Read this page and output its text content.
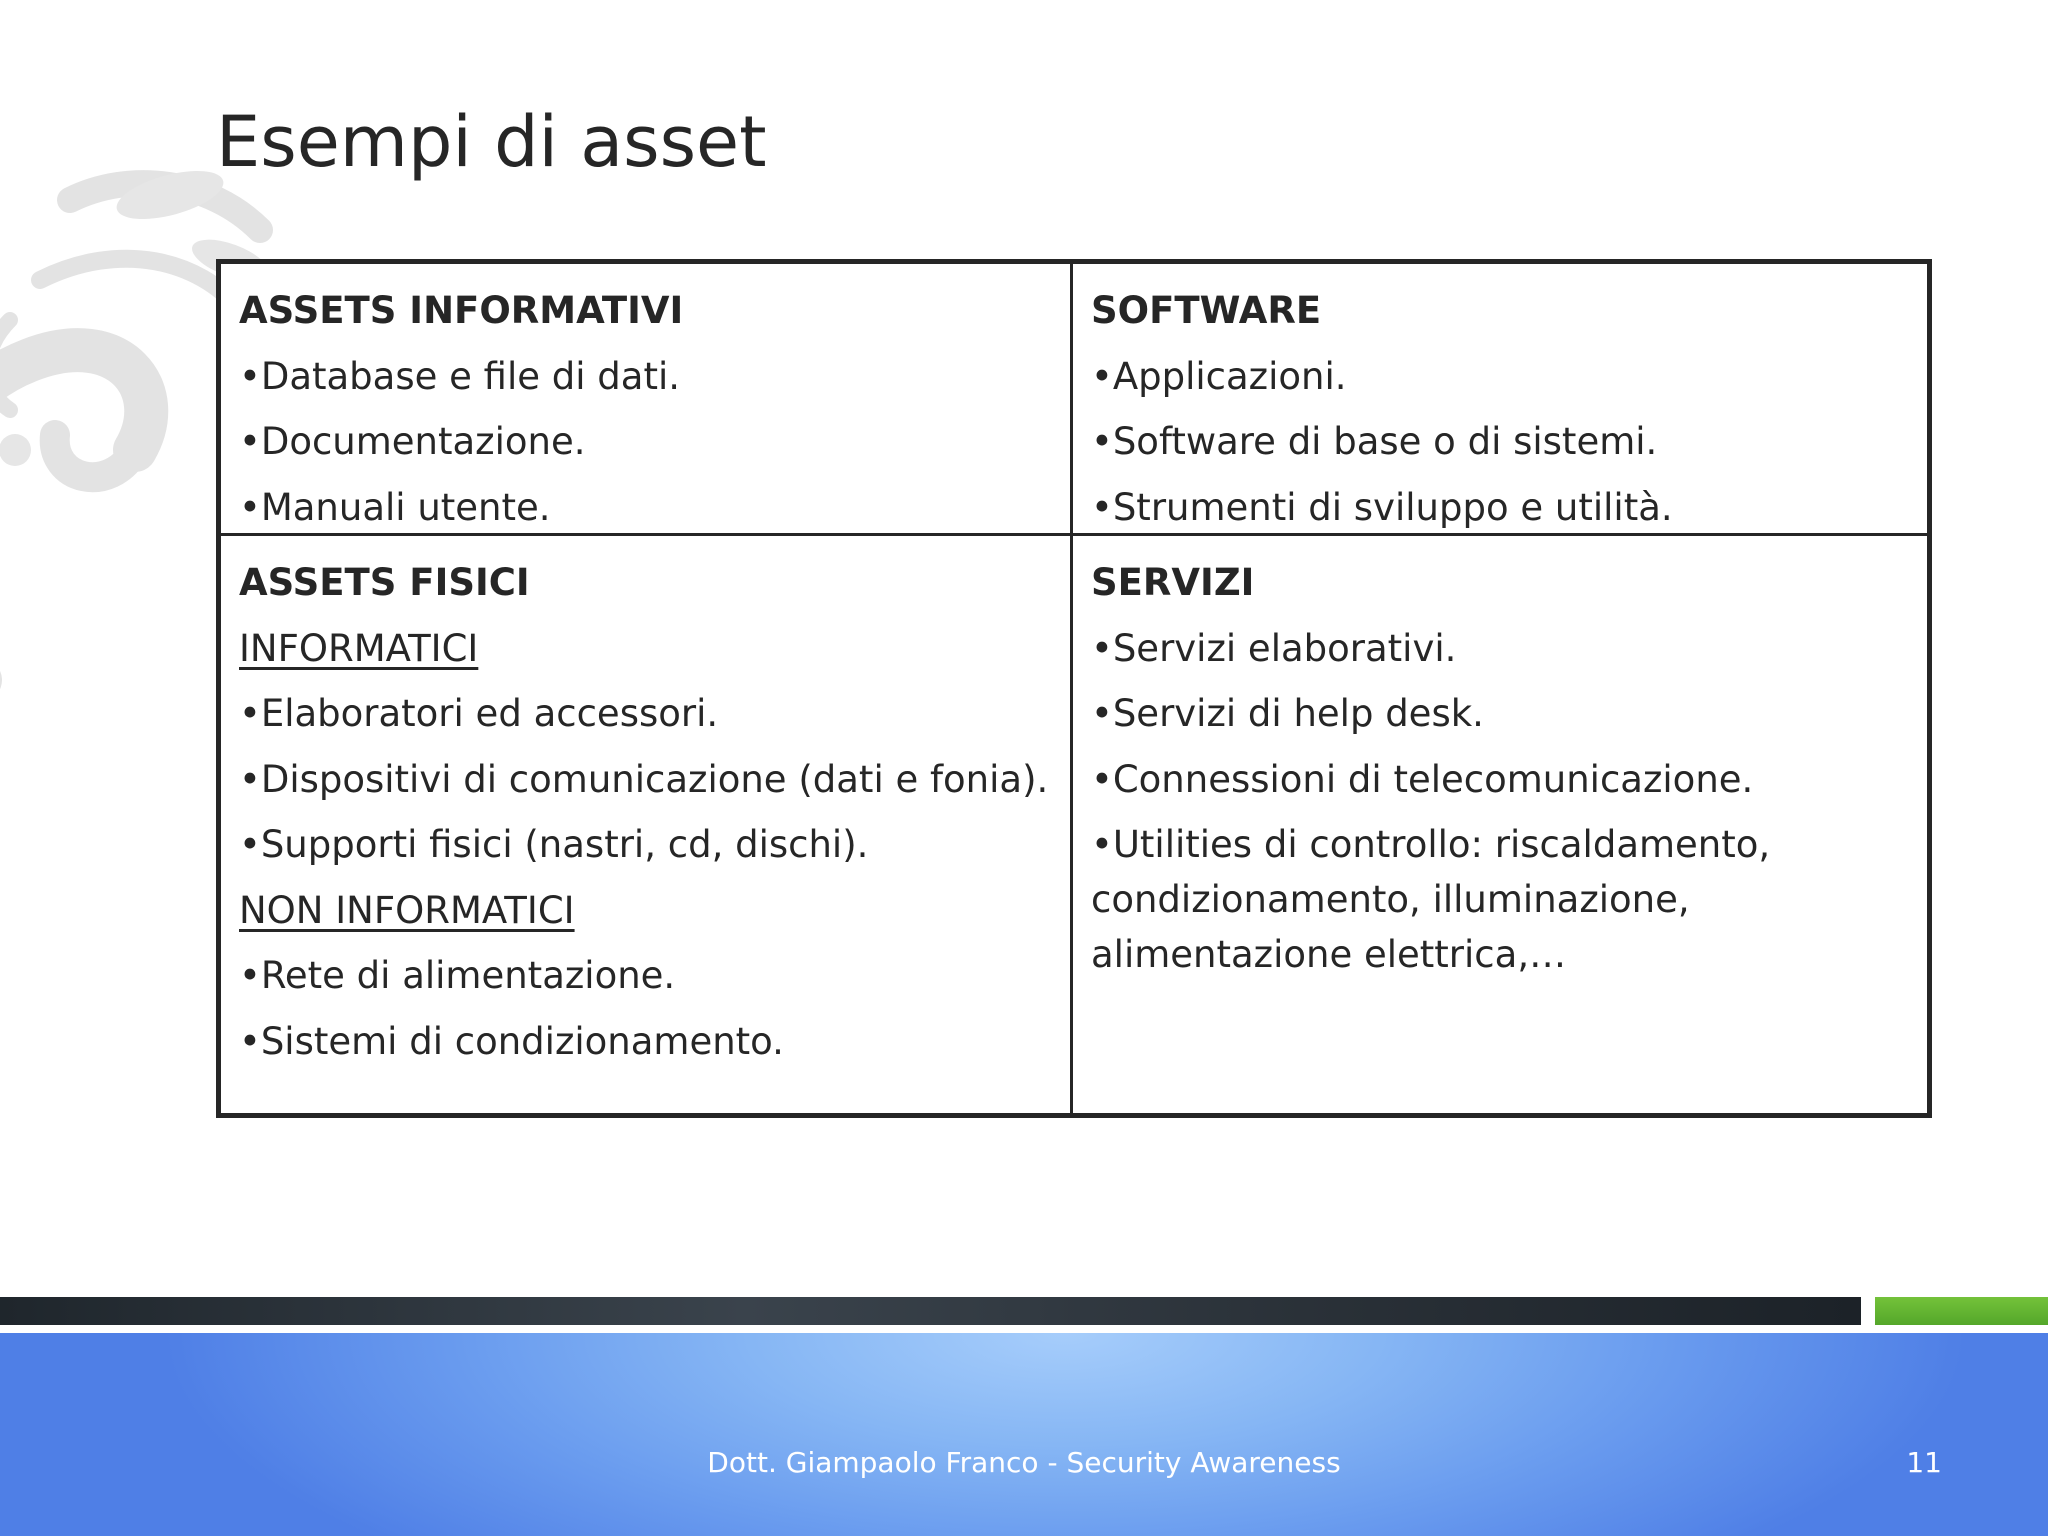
Esempi di asset
ASSETS INFORMATIVI
•Database e file di dati.
•Documentazione.
•Manuali utente.
SOFTWARE
•Applicazioni.
•Software di base o di sistemi.
•Strumenti di sviluppo e utilità.
ASSETS FISICI
INFORMATICI
•Elaboratori ed accessori.
•Dispositivi di comunicazione (dati e fonia).
•Supporti fisici (nastri, cd, dischi).
NON INFORMATICI
•Rete di alimentazione.
•Sistemi di condizionamento.
SERVIZI
•Servizi elaborativi.
•Servizi di help desk.
•Connessioni di telecomunicazione.
•Utilities di controllo: riscaldamento, condizionamento, illuminazione, alimentazione elettrica,…
Dott. Giampaolo Franco - Security Awareness	11
